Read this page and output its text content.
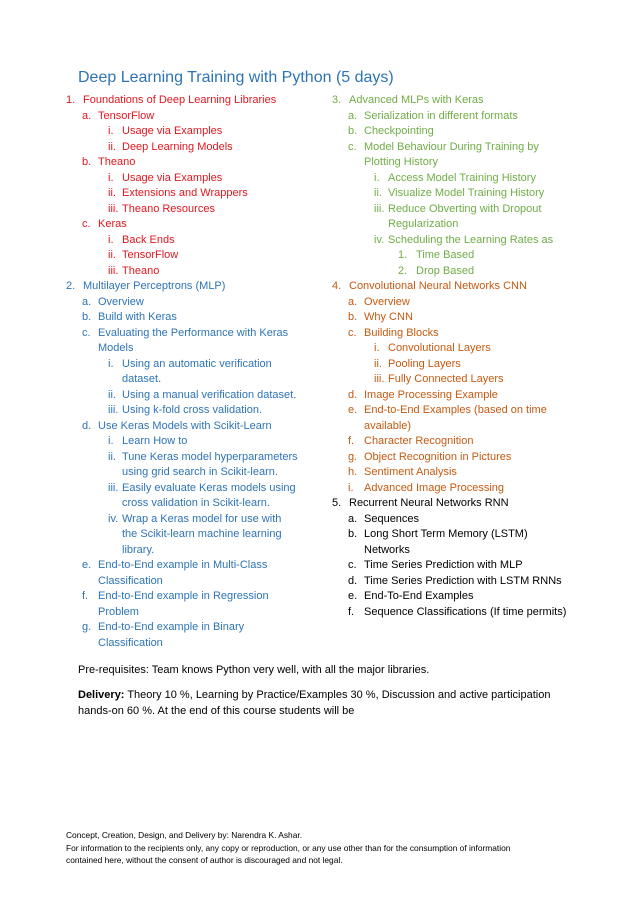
Deep Learning Training with Python (5 days)
1. Foundations of Deep Learning Libraries
a. TensorFlow
i. Usage via Examples
ii. Deep Learning Models
b. Theano
i. Usage via Examples
ii. Extensions and Wrappers
iii. Theano Resources
c. Keras
i. Back Ends
ii. TensorFlow
iii. Theano
2. Multilayer Perceptrons (MLP)
a. Overview
b. Build with Keras
c. Evaluating the Performance with Keras
Models
i. Using an automatic verification
dataset.
ii. Using a manual verification dataset.
iii. Using k-fold cross validation.
d. Use Keras Models with Scikit-Learn
i. Learn How to
ii. Tune Keras model hyperparameters
using grid search in Scikit-learn.
iii. Easily evaluate Keras models using
cross validation in Scikit-learn.
iv. Wrap a Keras model for use with
the Scikit-learn machine learning
library.
e. End-to-End example in Multi-Class
Classification
f. End-to-End example in Regression
Problem
g. End-to-End example in Binary
Classification
3. Advanced MLPs with Keras
a. Serialization in different formats
b. Checkpointing
c. Model Behaviour During Training by
Plotting History
i. Access Model Training History
ii. Visualize Model Training History
iii. Reduce Obverting with Dropout
Regularization
iv. Scheduling the Learning Rates as
1. Time Based
2. Drop Based
4. Convolutional Neural Networks CNN
a. Overview
b. Why CNN
c. Building Blocks
i. Convolutional Layers
ii. Pooling Layers
iii. Fully Connected Layers
d. Image Processing Example
e. End-to-End Examples (based on time
available)
f. Character Recognition
g. Object Recognition in Pictures
h. Sentiment Analysis
i. Advanced Image Processing
5. Recurrent Neural Networks RNN
a. Sequences
b. Long Short Term Memory (LSTM)
Networks
c. Time Series Prediction with MLP
d. Time Series Prediction with LSTM RNNs
e. End-To-End Examples
f. Sequence Classifications (If time permits)
Pre-requisites: Team knows Python very well, with all the major libraries.
Delivery: Theory 10 %, Learning by Practice/Examples 30 %, Discussion and active participation hands-on 60 %. At the end of this course students will be
Concept, Creation, Design, and Delivery by: Narendra K. Ashar.
For information to the recipients only, any copy or reproduction, or any use other than for the consumption of information
contained here, without the consent of author is discouraged and not legal.
